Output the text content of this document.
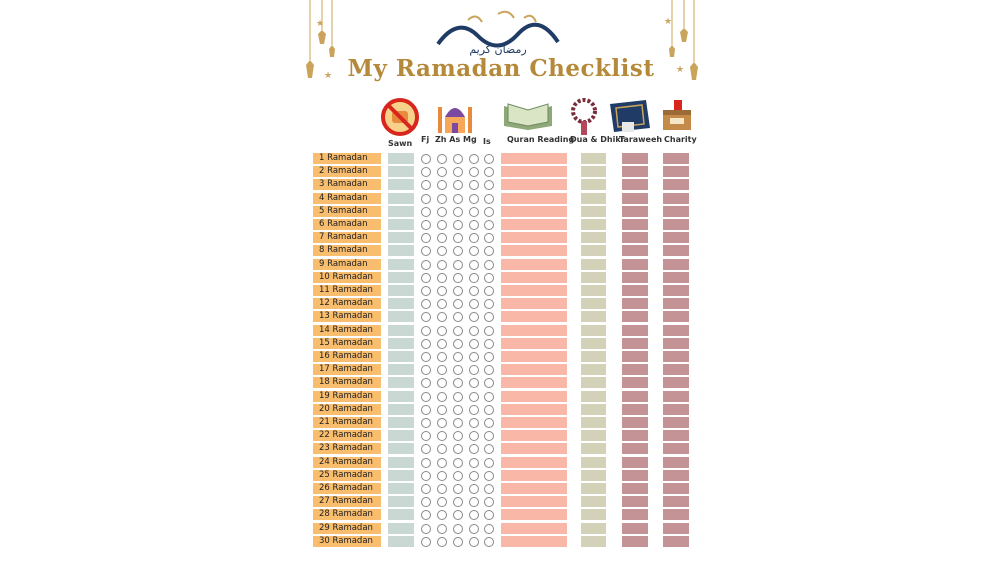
★
★
★
★
رمضان كريم
My Ramadan Checklist
Sawn Fj Zh As Mg Is Quran Reading
Dua & Dhikr
Taraweeh Charity
1 Ramadan
2 Ramadan
3 Ramadan
4 Ramadan
5 Ramadan
6 Ramadan
7 Ramadan
8 Ramadan
9 Ramadan
10 Ramadan
11 Ramadan
12 Ramadan
13 Ramadan
14 Ramadan
15 Ramadan
16 Ramadan
17 Ramadan
18 Ramadan
19 Ramadan
20 Ramadan
21 Ramadan
22 Ramadan
23 Ramadan
24 Ramadan
25 Ramadan
26 Ramadan
27 Ramadan
28 Ramadan
29 Ramadan
30 Ramadan
